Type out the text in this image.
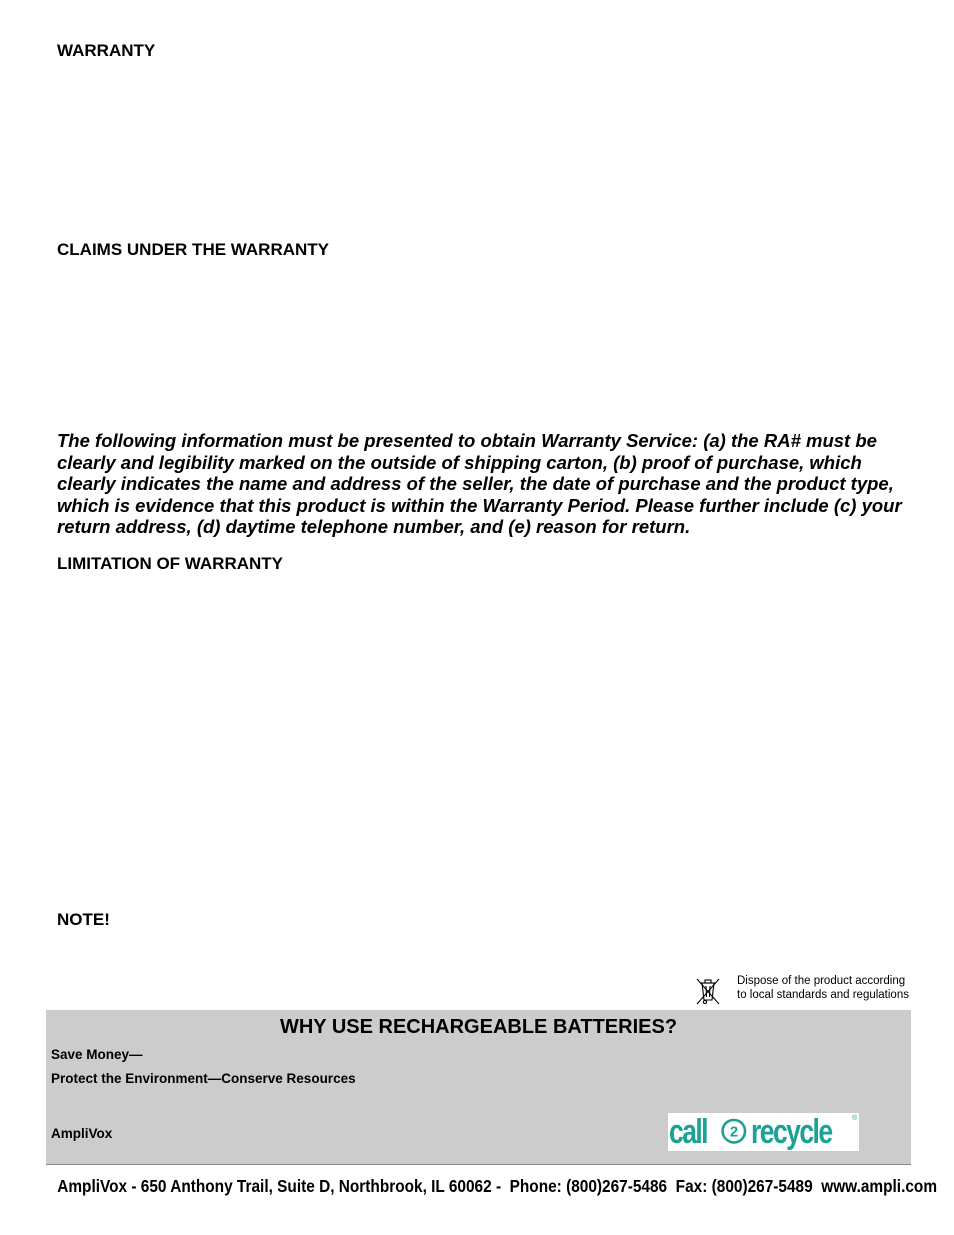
WARRANTY
CLAIMS UNDER THE WARRANTY

The following information must be presented to obtain Warranty Service: (a) the RA# must be clearly and legibility marked on the outside of shipping carton, (b) proof of purchase, which clearly indicates the name and address of the seller, the date of purchase and the product type, which is evidence that this product is within the Warranty Period. Please further include (c) your return address, (d) daytime telephone number, and (e) reason for return.

LIMITATION OF WARRANTY
NOTE!
Dispose of the product according
to local standards and regulations
WHY USE RECHARGEABLE BATTERIES?
Save Money—
Protect the Environment—Conserve Resources
AmpliVox	call 2 recycle	®
AmpliVox - 650 Anthony Trail, Suite D, Northbrook, IL 60062 -  Phone: (800)267-5486  Fax: (800)267-5489  www.ampli.com
